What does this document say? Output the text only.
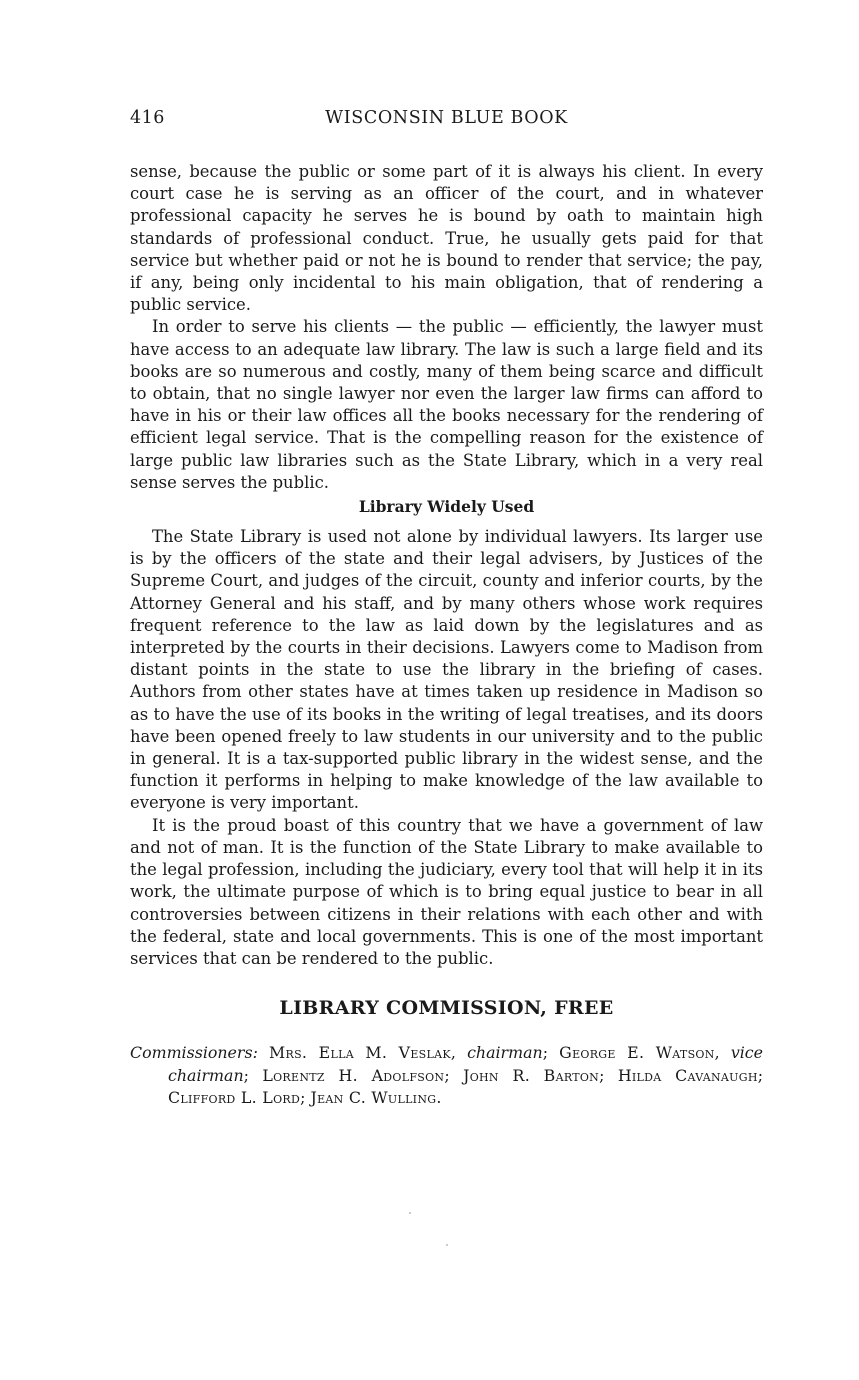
416	WISCONSIN BLUE BOOK

sense, because the public or some part of it is always his client. In every court case he is serving as an officer of the court, and in whatever professional capacity he serves he is bound by oath to maintain high standards of professional conduct. True, he usually gets paid for that service but whether paid or not he is bound to render that service; the pay, if any, being only incidental to his main obligation, that of rendering a public service.

In order to serve his clients — the public — efficiently, the lawyer must have access to an adequate law library. The law is such a large field and its books are so numerous and costly, many of them being scarce and difficult to obtain, that no single lawyer nor even the larger law firms can afford to have in his or their law offices all the books necessary for the rendering of efficient legal service. That is the compelling reason for the existence of large public law libraries such as the State Library, which in a very real sense serves the public.

Library Widely Used

The State Library is used not alone by individual lawyers. Its larger use is by the officers of the state and their legal advisers, by Justices of the Supreme Court, and judges of the circuit, county and inferior courts, by the Attorney General and his staff, and by many others whose work requires frequent reference to the law as laid down by the legislatures and as interpreted by the courts in their decisions. Lawyers come to Madison from distant points in the state to use the library in the briefing of cases. Authors from other states have at times taken up residence in Madison so as to have the use of its books in the writing of legal treatises, and its doors have been opened freely to law students in our university and to the public in general. It is a tax-supported public library in the widest sense, and the function it performs in helping to make knowledge of the law available to everyone is very important.

It is the proud boast of this country that we have a government of law and not of man. It is the function of the State Library to make available to the legal profession, including the judiciary, every tool that will help it in its work, the ultimate purpose of which is to bring equal justice to bear in all controversies between citizens in their relations with each other and with the federal, state and local governments. This is one of the most important services that can be rendered to the public.

LIBRARY COMMISSION, FREE

Commissioners: Mrs. Ella M. Veslak, chairman; George E. Watson, vice chairman; Lorentz H. Adolfson; John R. Barton; Hilda Cavanaugh; Clifford L. Lord; Jean C. Wulling.
